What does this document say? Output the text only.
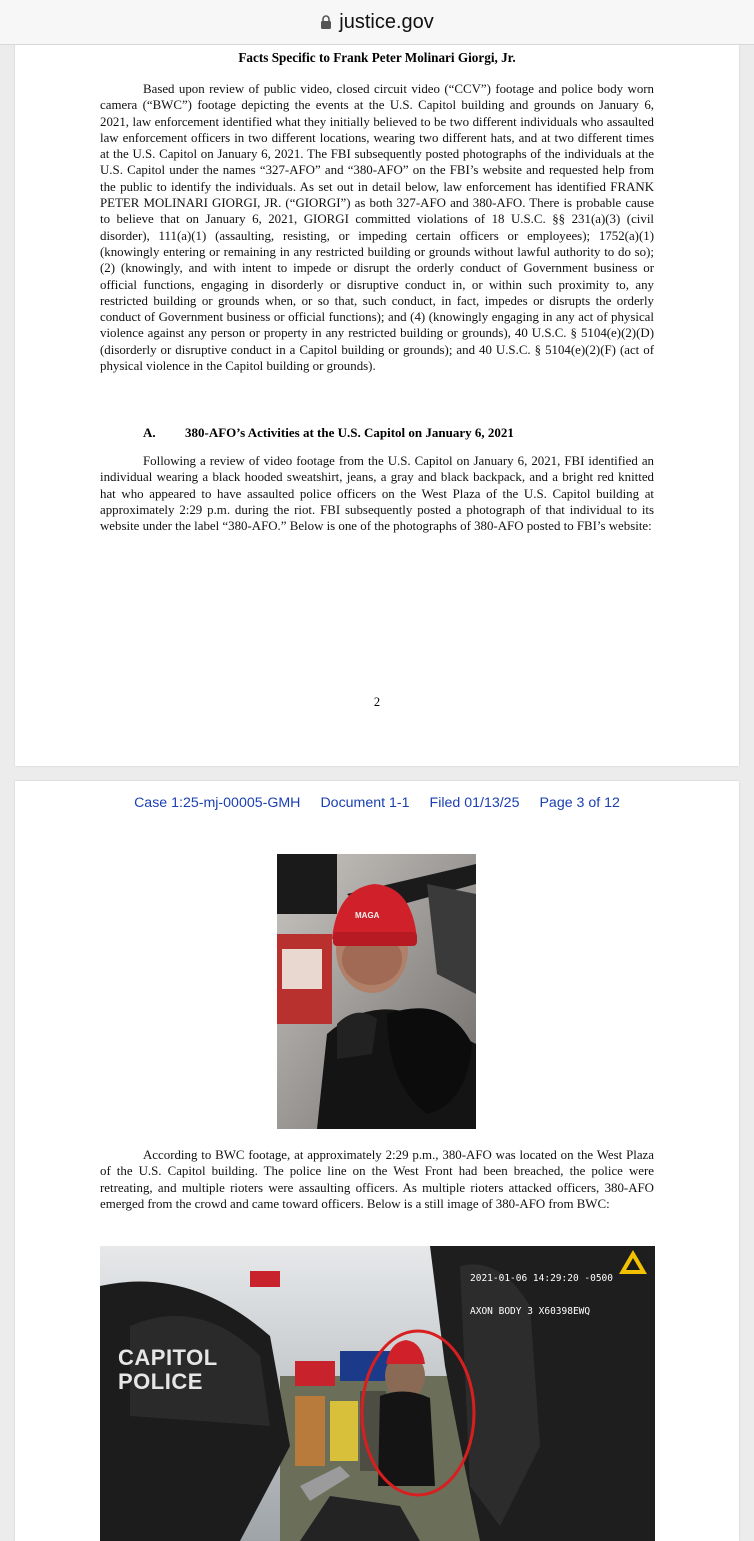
justice.gov
Facts Specific to Frank Peter Molinari Giorgi, Jr.

Based upon review of public video, closed circuit video (“CCV”) footage and police body worn camera (“BWC”) footage depicting the events at the U.S. Capitol building and grounds on January 6, 2021, law enforcement identified what they initially believed to be two different individuals who assaulted law enforcement officers in two different locations, wearing two different hats, and at two different times at the U.S. Capitol on January 6, 2021. The FBI subsequently posted photographs of the individuals at the U.S. Capitol under the names “327-AFO” and “380-AFO” on the FBI’s website and requested help from the public to identify the individuals. As set out in detail below, law enforcement has identified FRANK PETER MOLINARI GIORGI, JR. (“GIORGI”) as both 327-AFO and 380-AFO. There is probable cause to believe that on January 6, 2021, GIORGI committed violations of 18 U.S.C. §§ 231(a)(3) (civil disorder), 111(a)(1) (assaulting, resisting, or impeding certain officers or employees); 1752(a)(1) (knowingly entering or remaining in any restricted building or grounds without lawful authority to do so); (2) (knowingly, and with intent to impede or disrupt the orderly conduct of Government business or official functions, engaging in disorderly or disruptive conduct in, or within such proximity to, any restricted building or grounds when, or so that, such conduct, in fact, impedes or disrupts the orderly conduct of Government business or official functions); and (4) (knowingly engaging in any act of physical violence against any person or property in any restricted building or grounds), 40 U.S.C. § 5104(e)(2)(D) (disorderly or disruptive conduct in a Capitol building or grounds); and 40 U.S.C. § 5104(e)(2)(F) (act of physical violence in the Capitol building or grounds).

A. 380-AFO’s Activities at the U.S. Capitol on January 6, 2021

Following a review of video footage from the U.S. Capitol on January 6, 2021, FBI identified an individual wearing a black hooded sweatshirt, jeans, a gray and black backpack, and a bright red knitted hat who appeared to have assaulted police officers on the West Plaza of the U.S. Capitol building at approximately 2:29 p.m. during the riot. FBI subsequently posted a photograph of that individual to its website under the label “380-AFO.” Below is one of the photographs of 380-AFO posted to FBI’s website:

2
Case 1:25-mj-00005-GMH Document 1-1 Filed 01/13/25 Page 3 of 12
MAGA

According to BWC footage, at approximately 2:29 p.m., 380-AFO was located on the West Plaza of the U.S. Capitol building. The police line on the West Front had been breached, the police were retreating, and multiple rioters were assaulting officers. As multiple rioters attacked officers, 380-AFO emerged from the crowd and came toward officers. Below is a still image of 380-AFO from BWC:

CAPITOL
POLICE

2021-01-06 14:29:20 -0500

AXON BODY 3 X60398EWQ
